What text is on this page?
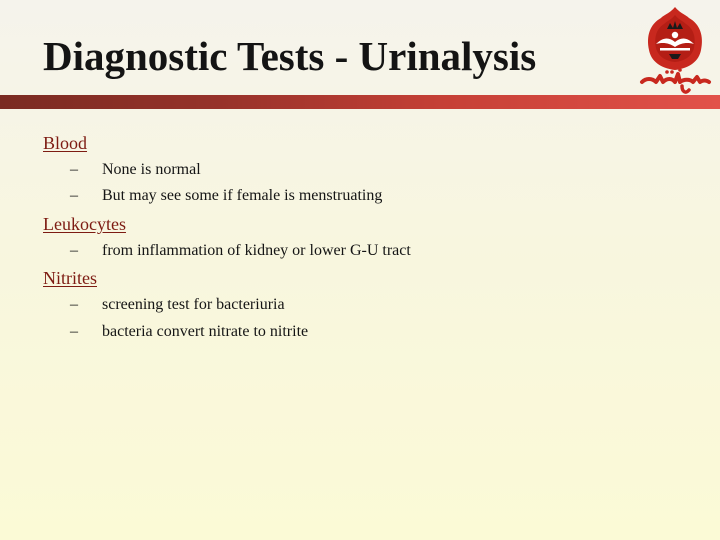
Diagnostic Tests - Urinalysis

Blood

– None is normal

– But may see some if female is menstruating

Leukocytes

– from inflammation of kidney or lower G-U tract

Nitrites

– screening test for bacteriuria

– bacteria convert nitrate to nitrite
